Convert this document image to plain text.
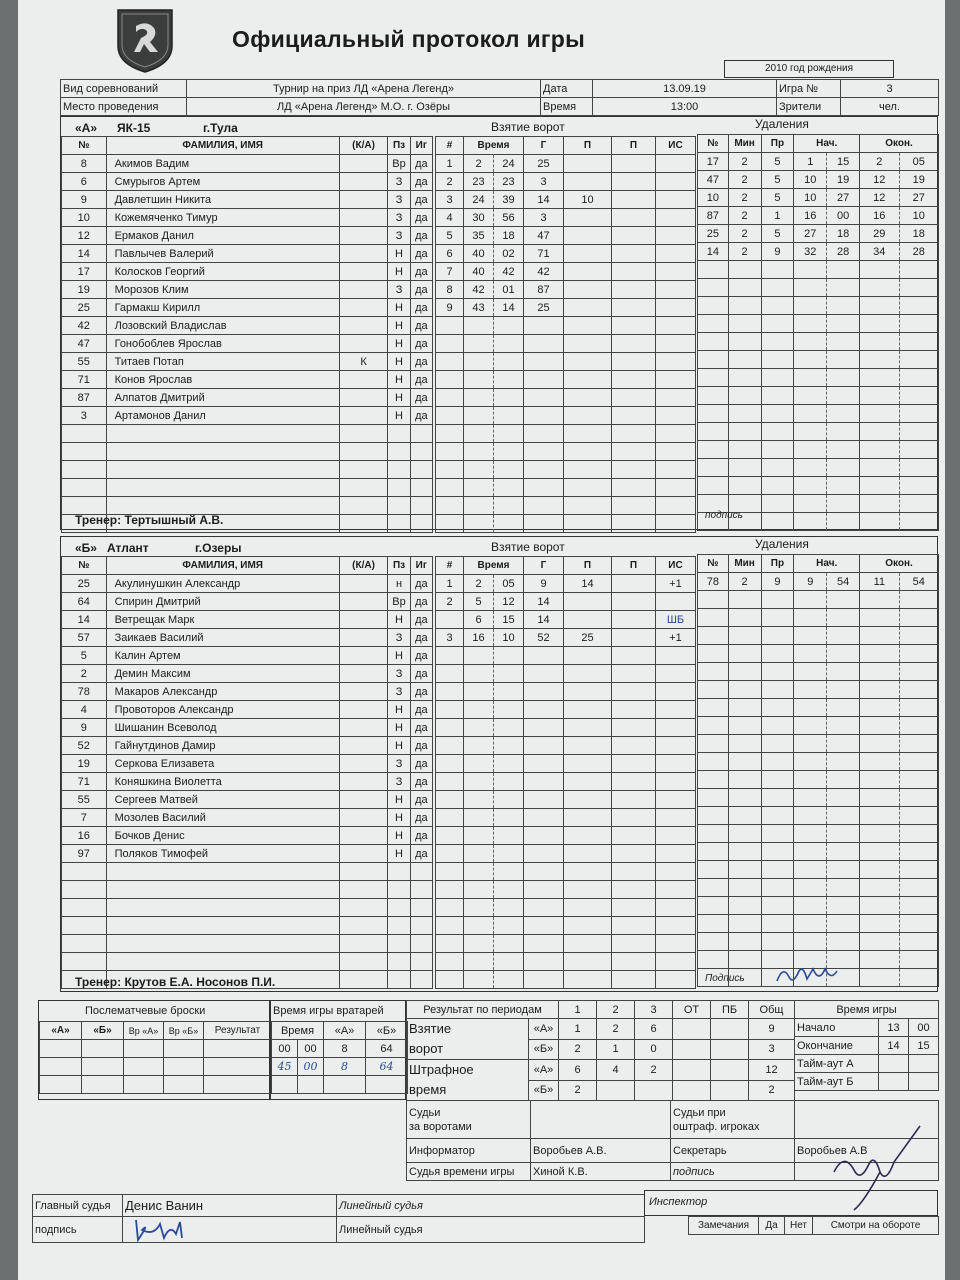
Официальный протокол игры
2010 год рождения
Вид соревнований	Турнир на приз ЛД «Арена Легенд»	Дата	13.09.19	Игра №	3
Место проведения	ЛД «Арена Легенд» М.О. г. Озёры	Время	13:00	Зрители	чел.
«А» ЯК-15	г.Тула
№	ФАМИЛИЯ, ИМЯ	(К/А)	Пз	Иг
8	Акимов Вадим		Вр	да
6	Смурыгов Артем		З	да
9	Давлетшин Никита		З	да
10	Кожемяченко Тимур		З	да
12	Ермаков Данил		З	да
14	Павлычев Валерий		Н	да
17	Колосков Георгий		Н	да
19	Морозов Клим		З	да
25	Гармакш Кирилл		Н	да
42	Лозовский Владислав		Н	да
47	Гонобоблев Ярослав		Н	да
55	Титаев Потап	К	Н	да
71	Конов Ярослав		Н	да
87	Алпатов Дмитрий		Н	да
3	Артамонов Данил		Н	да

Взятие ворот
#	Время		Г	П	П	ИС
1	2	24	25			
2	23	23	3			
3	24	39	14	10		
4	30	56	3			
5	35	18	47			
6	40	02	71			
7	40	42	42			
8	42	01	87			
9	43	14	25			

Удаления
№	Мин	Пр	Нач.		Окон.	
17	2	5	1	15	2	05
47	2	5	10	19	12	19
10	2	5	10	27	12	27
87	2	1	16	00	16	10
25	2	5	27	18	29	18
14	2	9	32	28	34	28

Тренер: Тертышный А.В.	подпись
«Б» Атлант	г.Озеры
№	ФАМИЛИЯ, ИМЯ	(К/А)	Пз	Иг
25	Акулинушкин Александр		н	да
64	Спирин Дмитрий		Вр	да
14	Ветрещак Марк		Н	да
57	Заикаев Василий		З	да
5	Калин Артем		Н	да
2	Демин Максим		З	да
78	Макаров Александр		З	да
4	Провоторов Александр		Н	да
9	Шишанин Всеволод		Н	да
52	Гайнутдинов Дамир		Н	да
19	Серкова Елизавета		З	да
71	Коняшкина Виолетта		З	да
55	Сергеев Матвей		Н	да
7	Мозолев Василий		Н	да
16	Бочков Денис		Н	да
97	Поляков Тимофей		Н	да

Взятие ворот
#	Время		Г	П	П	ИС
1	2	05	9	14		+1
2	5	12	14			
	6	15	14			ШБ
3	16	10	52	25		+1

Удаления
№	Мин	Пр	Нач.		Окон.	
78	2	9	9	54	11	54

Тренер: Крутов Е.А. Носонов П.И.	Подпись
Послематчевые броски
«А»	«Б»	Вр «А»	Вр «Б»	Результат

Время игры вратарей
Время		«А»	«Б»
00	00	8	64
45	00	8	64

Результат по периодам		1	2	3	ОТ	ПБ	Общ
Взятие
ворот	«А»	1	2	6			9
	«Б»	2	1	0			3
Штрафное
время	«А»	6	4	2			12
	«Б»	2					2
Время игры		
Начало	13	00
Окончание	14	15
Тайм-аут А		
Тайм-аут Б		
Судьи
за воротами		Судьи при
оштраф. игроках	
Информатор	Воробьев А.В.	Секретарь	Воробьев А.В
Судья времени игры	Хиной К.В.	подпись	
Главный судья	Денис Ванин	Линейный судья
подпись		Линейный судья
Инспектор
Замечания	Да	Нет	Смотри на обороте
